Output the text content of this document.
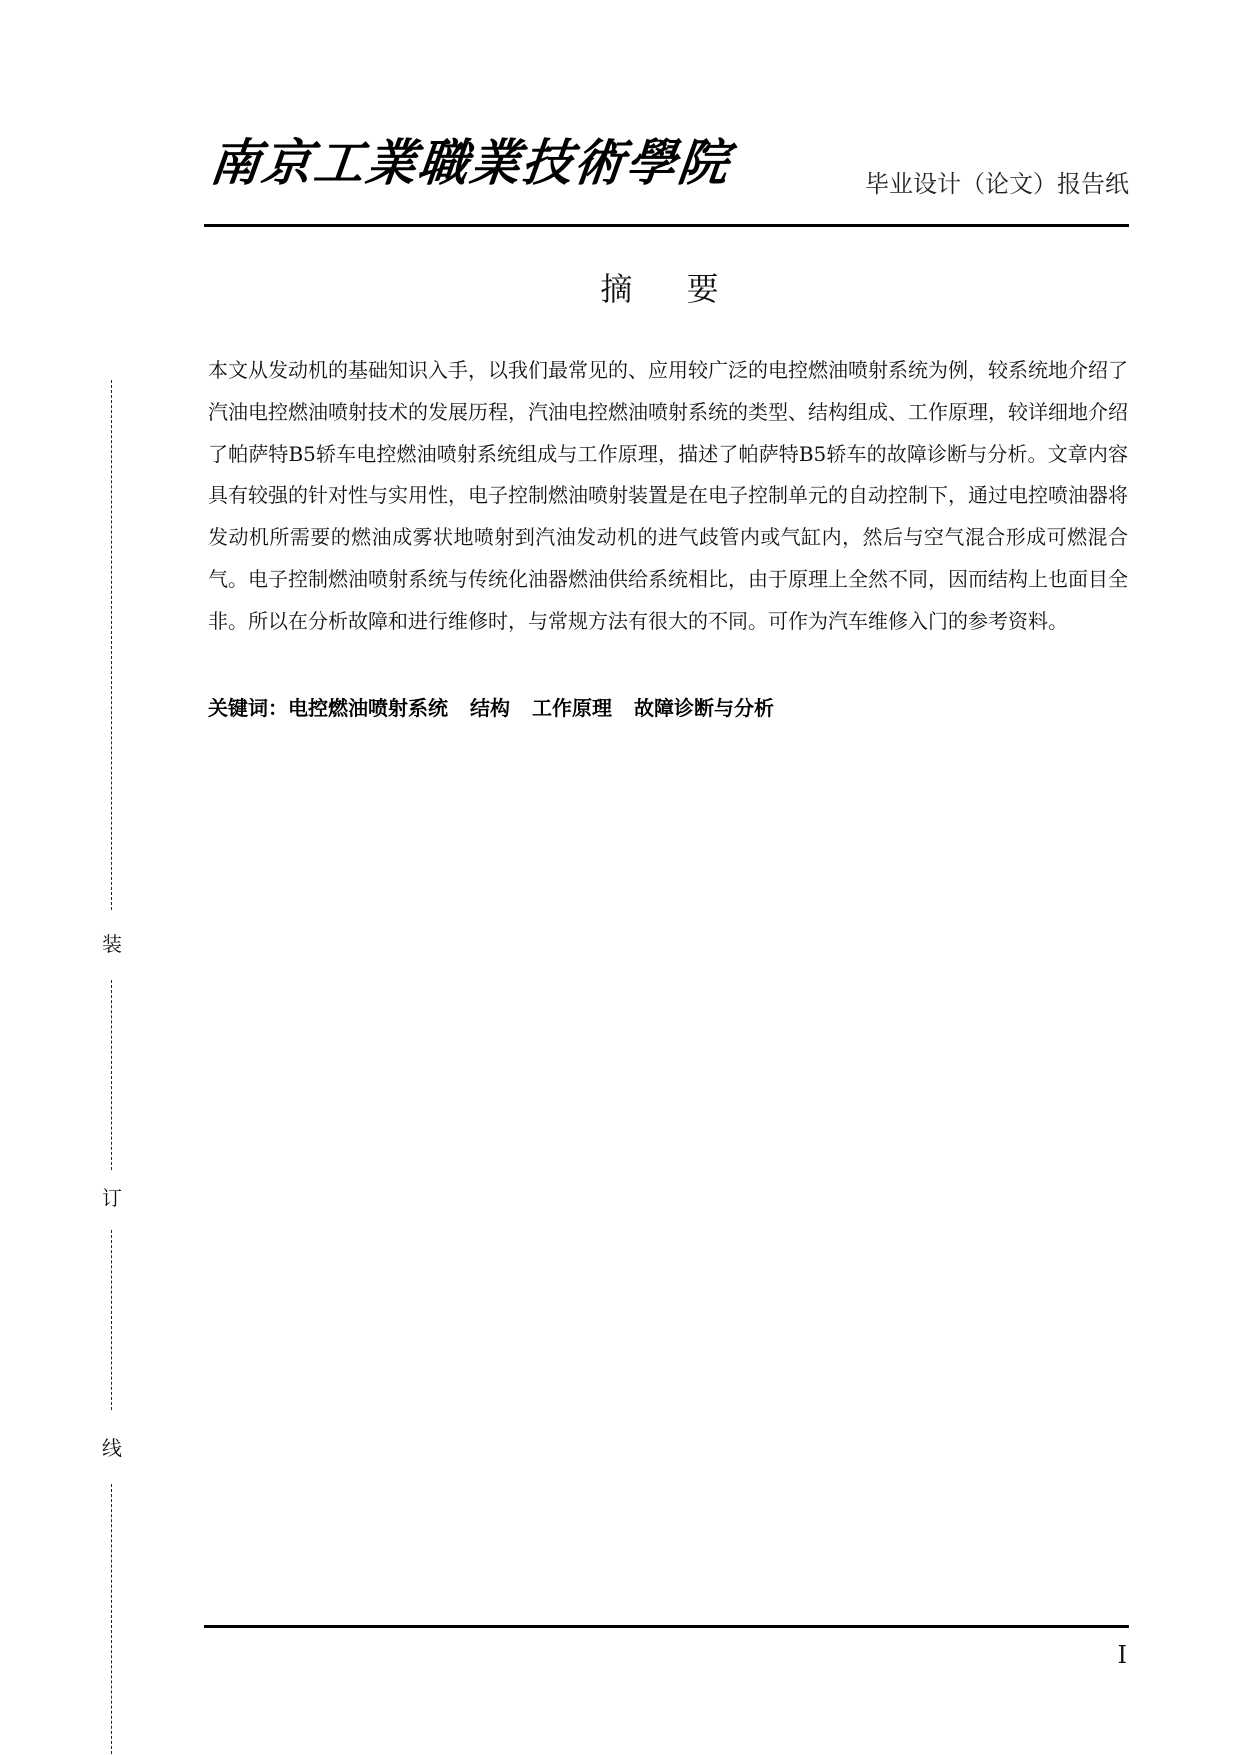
装
订
线
南京工業職業技術學院	毕业设计（论文）报告纸
摘 要
本文从发动机的基础知识入手，以我们最常见的、应用较广泛的电控燃油喷射系统为例，较系统地介绍了汽油电控燃油喷射技术的发展历程，汽油电控燃油喷射系统的类型、结构组成、工作原理，较详细地介绍了帕萨特B5轿车电控燃油喷射系统组成与工作原理，描述了帕萨特B5轿车的故障诊断与分析。文章内容具有较强的针对性与实用性，电子控制燃油喷射装置是在电子控制单元的自动控制下，通过电控喷油器将发动机所需要的燃油成雾状地喷射到汽油发动机的进气歧管内或气缸内，然后与空气混合形成可燃混合气。电子控制燃油喷射系统与传统化油器燃油供给系统相比，由于原理上全然不同，因而结构上也面目全非。所以在分析故障和进行维修时，与常规方法有很大的不同。可作为汽车维修入门的参考资料。
关键词：电控燃油喷射系统 结构 工作原理 故障诊断与分析
I
